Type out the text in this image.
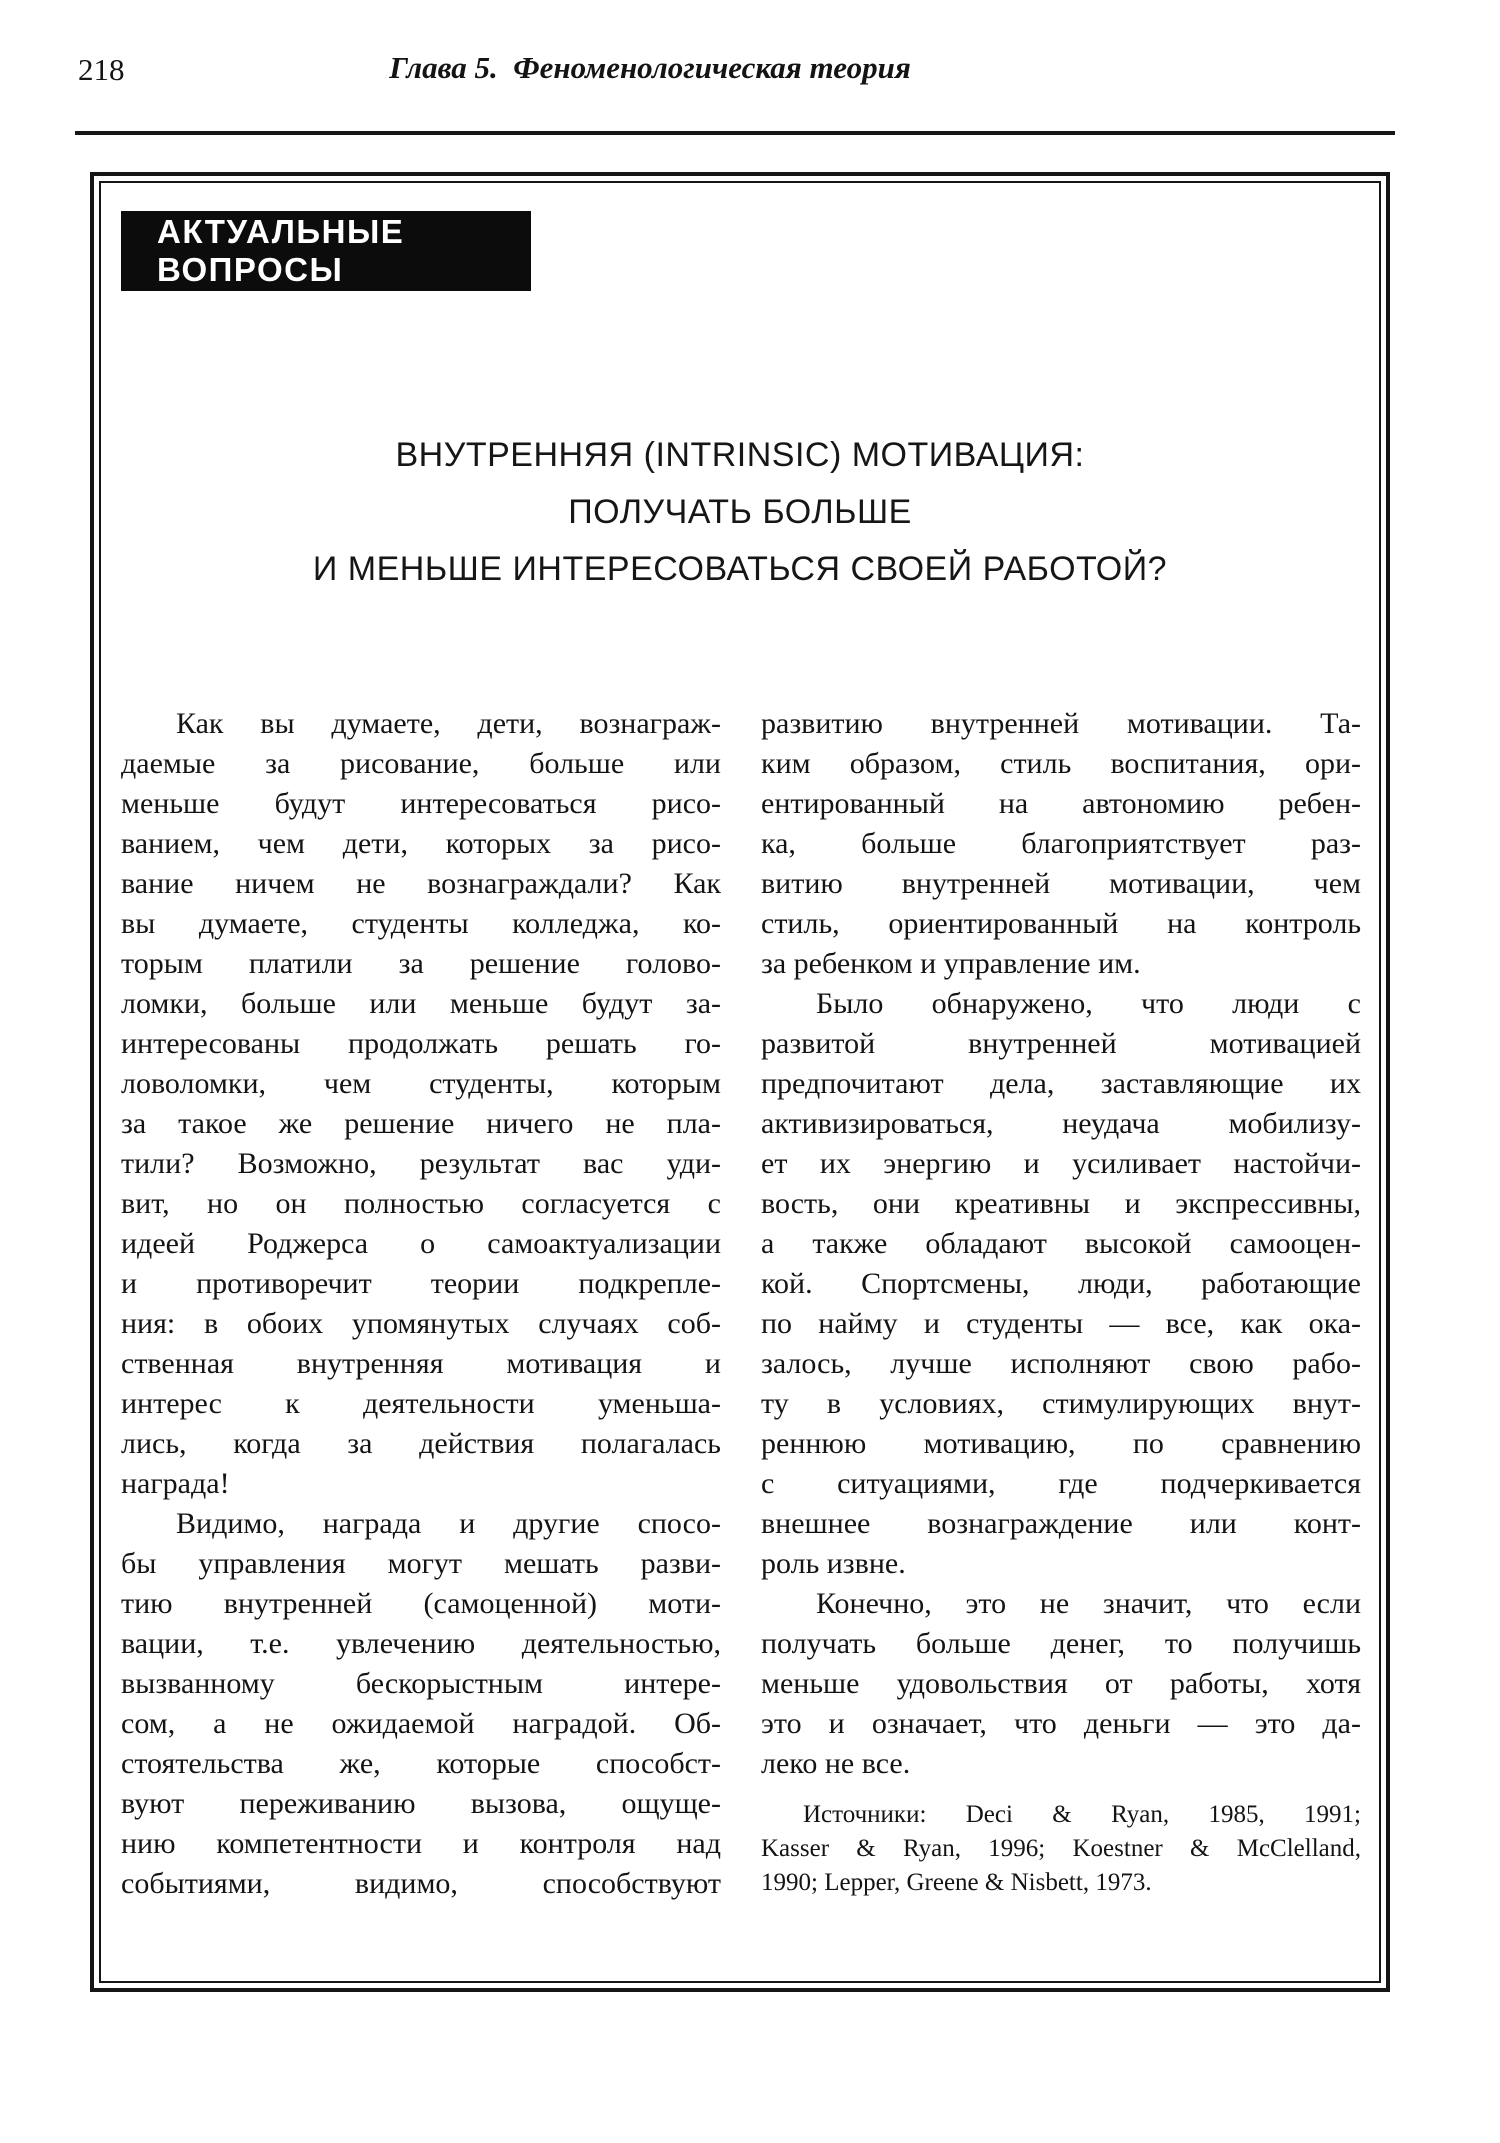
218	Глава 5.  Феноменологическая теория
АКТУАЛЬНЫЕ ВОПРОСЫ
ВНУТРЕННЯЯ (INTRINSIC) МОТИВАЦИЯ:
ПОЛУЧАТЬ БОЛЬШЕ
И МЕНЬШЕ ИНТЕРЕСОВАТЬСЯ СВОЕЙ РАБОТОЙ?
Как вы думаете, дети, вознаграж-
даемые за рисование, больше или
меньше будут интересоваться рисо-
ванием, чем дети, которых за рисо-
вание ничем не вознаграждали? Как
вы думаете, студенты колледжа, ко-
торым платили за решение голово-
ломки, больше или меньше будут за-
интересованы продолжать решать го-
ловоломки, чем студенты, которым
за такое же решение ничего не пла-
тили? Возможно, результат вас уди-
вит, но он полностью согласуется с
идеей Роджерса о самоактуализации
и противоречит теории подкрепле-
ния: в обоих упомянутых случаях соб-
ственная внутренняя мотивация и
интерес к деятельности уменьша-
лись, когда за действия полагалась
награда!
Видимо, награда и другие спосо-
бы управления могут мешать разви-
тию внутренней (самоценной) моти-
вации, т.е. увлечению деятельностью,
вызванному бескорыстным интере-
сом, а не ожидаемой наградой. Об-
стоятельства же, которые способст-
вуют переживанию вызова, ощуще-
нию компетентности и контроля над
событиями, видимо, способствуют
развитию внутренней мотивации. Та-
ким образом, стиль воспитания, ори-
ентированный на автономию ребен-
ка, больше благоприятствует раз-
витию внутренней мотивации, чем
стиль, ориентированный на контроль
за ребенком и управление им.
Было обнаружено, что люди с
развитой внутренней мотивацией
предпочитают дела, заставляющие их
активизироваться, неудача мобилизу-
ет их энергию и усиливает настойчи-
вость, они креативны и экспрессивны,
а также обладают высокой самооцен-
кой. Спортсмены, люди, работающие
по найму и студенты — все, как ока-
залось, лучше исполняют свою рабо-
ту в условиях, стимулирующих внут-
реннюю мотивацию, по сравнению
с ситуациями, где подчеркивается
внешнее вознаграждение или конт-
роль извне.
Конечно, это не значит, что если
получать больше денег, то получишь
меньше удовольствия от работы, хотя
это и означает, что деньги — это да-
леко не все.
Источники: Deci & Ryan, 1985, 1991;
Kasser & Ryan, 1996; Koestner & McClelland,
1990; Lepper, Greene & Nisbett, 1973.
